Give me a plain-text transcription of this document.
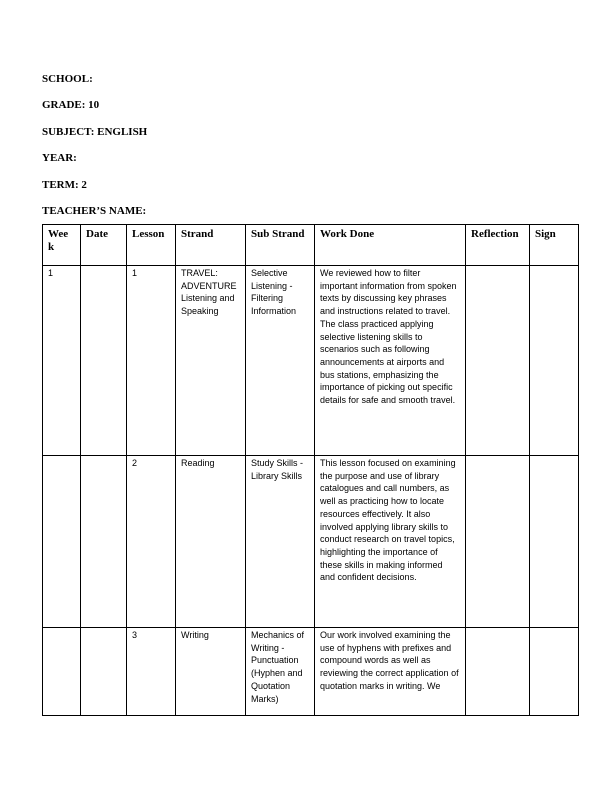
SCHOOL:
GRADE: 10
SUBJECT: ENGLISH
YEAR:
TERM: 2
TEACHER’S NAME:
Wee k	Date	Lesson	Strand	Sub Strand	Work Done	Reflection	Sign
1		1	TRAVEL: ADVENTURE Listening and Speaking	Selective Listening - Filtering Information	We reviewed how to filter important information from spoken texts by discussing key phrases and instructions related to travel. The class practiced applying selective listening skills to scenarios such as following announcements at airports and bus stations, emphasizing the importance of picking out specific details for safe and smooth travel.		
		2	Reading	Study Skills - Library Skills	This lesson focused on examining the purpose and use of library catalogues and call numbers, as well as practicing how to locate resources effectively. It also involved applying library skills to conduct research on travel topics, highlighting the importance of these skills in making informed and confident decisions.		
		3	Writing	Mechanics of Writing - Punctuation (Hyphen and Quotation Marks)	Our work involved examining the use of hyphens with prefixes and compound words as well as reviewing the correct application of quotation marks in writing. We		
